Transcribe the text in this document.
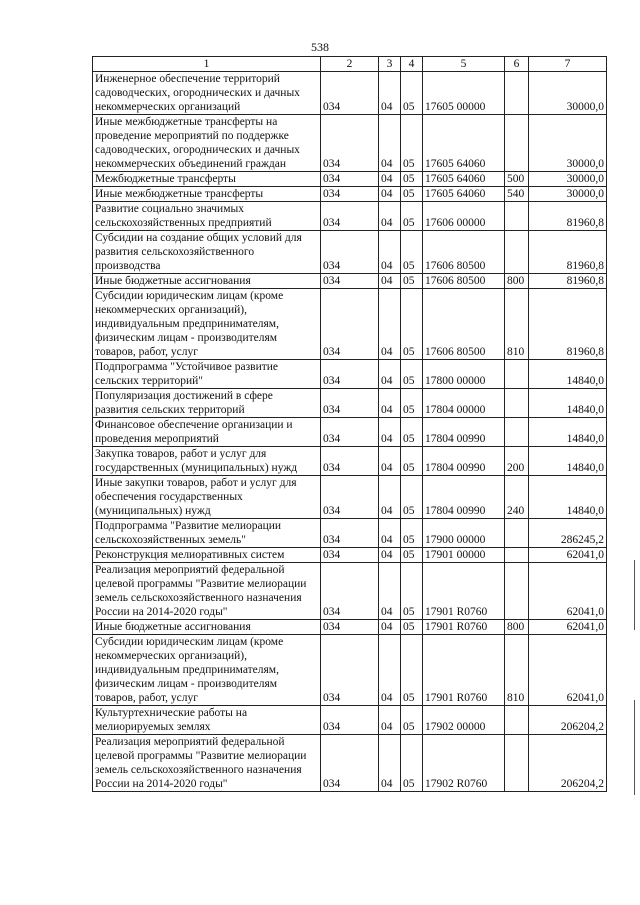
538
1	2	3	4	5	6	7
Инженерное обеспечение территорий садоводческих, огороднических и дачных некоммерческих организаций	034	04	05	17605 00000		30000,0
Иные межбюджетные трансферты на проведение мероприятий по поддержке садоводческих, огороднических и дачных некоммерческих объединений граждан	034	04	05	17605 64060		30000,0
Межбюджетные трансферты	034	04	05	17605 64060	500	30000,0
Иные межбюджетные трансферты	034	04	05	17605 64060	540	30000,0
Развитие социально значимых сельскохозяйственных предприятий	034	04	05	17606 00000		81960,8
Субсидии на создание общих условий для развития сельскохозяйственного производства	034	04	05	17606 80500		81960,8
Иные бюджетные ассигнования	034	04	05	17606 80500	800	81960,8
Субсидии юридическим лицам (кроме некоммерческих организаций), индивидуальным предпринимателям, физическим лицам - производителям товаров, работ, услуг	034	04	05	17606 80500	810	81960,8
Подпрограмма "Устойчивое развитие сельских территорий"	034	04	05	17800 00000		14840,0
Популяризация достижений в сфере развития сельских территорий	034	04	05	17804 00000		14840,0
Финансовое обеспечение организации и проведения мероприятий	034	04	05	17804 00990		14840,0
Закупка товаров, работ и услуг для государственных (муниципальных) нужд	034	04	05	17804 00990	200	14840,0
Иные закупки товаров, работ и услуг для обеспечения государственных (муниципальных) нужд	034	04	05	17804 00990	240	14840,0
Подпрограмма "Развитие мелиорации сельскохозяйственных земель"	034	04	05	17900 00000		286245,2
Реконструкция мелиоративных систем	034	04	05	17901 00000		62041,0
Реализация мероприятий федеральной целевой программы "Развитие мелиорации земель сельскохозяйственного назначения России на 2014-2020 годы"	034	04	05	17901 R0760		62041,0
Иные бюджетные ассигнования	034	04	05	17901 R0760	800	62041,0
Субсидии юридическим лицам (кроме некоммерческих организаций), индивидуальным предпринимателям, физическим лицам - производителям товаров, работ, услуг	034	04	05	17901 R0760	810	62041,0
Культуртехнические работы на мелиорируемых землях	034	04	05	17902 00000		206204,2
Реализация мероприятий федеральной целевой программы "Развитие мелиорации земель сельскохозяйственного назначения России на 2014-2020 годы"	034	04	05	17902 R0760		206204,2
